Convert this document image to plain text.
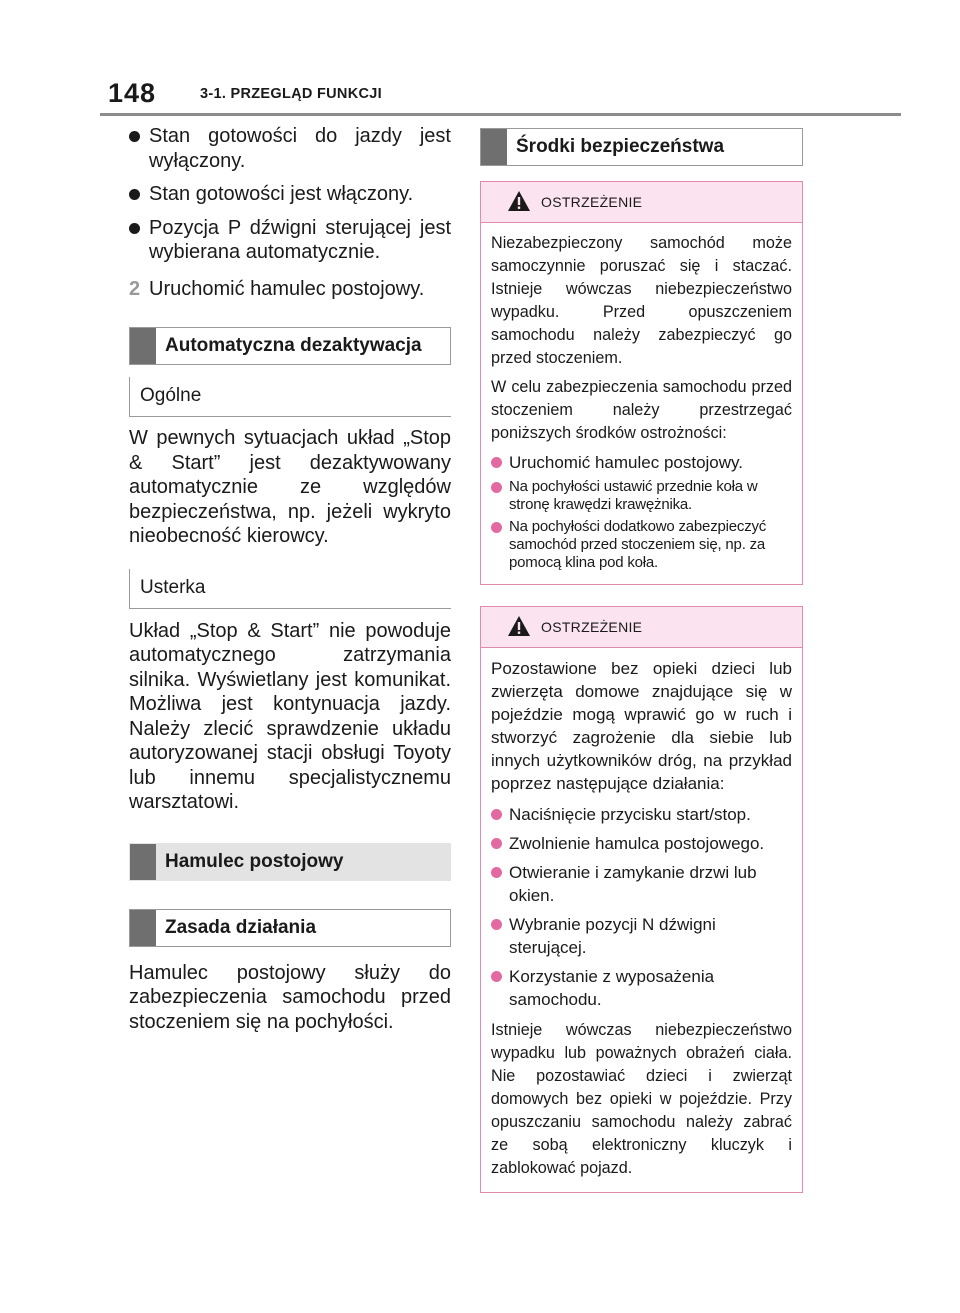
148	3-1. PRZEGLĄD FUNKCJI
Stan gotowości do jazdy jest wyłączony.
Stan gotowości jest włączony.
Pozycja P dźwigni sterującej jest wybierana automatycznie.
2 Uruchomić hamulec postojowy.
Automatyczna dezaktywacja
Ogólne

W pewnych sytuacjach układ „Stop & Start” jest dezaktywowany automatycznie ze względów bezpieczeństwa, np. jeżeli wykryto nieobecność kierowcy.

Usterka

Układ „Stop & Start” nie powoduje automatycznego zatrzymania silnika. Wyświetlany jest komunikat. Możliwa jest kontynuacja jazdy. Należy zlecić sprawdzenie układu autoryzowanej stacji obsługi Toyoty lub innemu specjalistycznemu warsztatowi.

Hamulec postojowy
Zasada działania

Hamulec postojowy służy do zabezpieczenia samochodu przed stoczeniem się na pochyłości.

Środki bezpieczeństwa
OSTRZEŻENIE

Niezabezpieczony samochód może samoczynnie poruszać się i staczać. Istnieje wówczas niebezpieczeństwo wypadku. Przed opuszczeniem samochodu należy zabezpieczyć go przed stoczeniem.

W celu zabezpieczenia samochodu przed stoczeniem należy przestrzegać poniższych środków ostrożności:

Uruchomić hamulec postojowy.
Na pochyłości ustawić przednie koła w stronę krawędzi krawężnika.
Na pochyłości dodatkowo zabezpieczyć samochód przed stoczeniem się, np. za pomocą klina pod koła.
OSTRZEŻENIE

Pozostawione bez opieki dzieci lub zwierzęta domowe znajdujące się w pojeździe mogą wprawić go w ruch i stworzyć zagrożenie dla siebie lub innych użytkowników dróg, na przykład poprzez następujące działania:

Naciśnięcie przycisku start/stop.
Zwolnienie hamulca postojowego.
Otwieranie i zamykanie drzwi lub okien.
Wybranie pozycji N dźwigni sterującej.
Korzystanie z wyposażenia samochodu.

Istnieje wówczas niebezpieczeństwo wypadku lub poważnych obrażeń ciała. Nie pozostawiać dzieci i zwierząt domowych bez opieki w pojeździe. Przy opuszczaniu samochodu należy zabrać ze sobą elektroniczny kluczyk i zablokować pojazd.
